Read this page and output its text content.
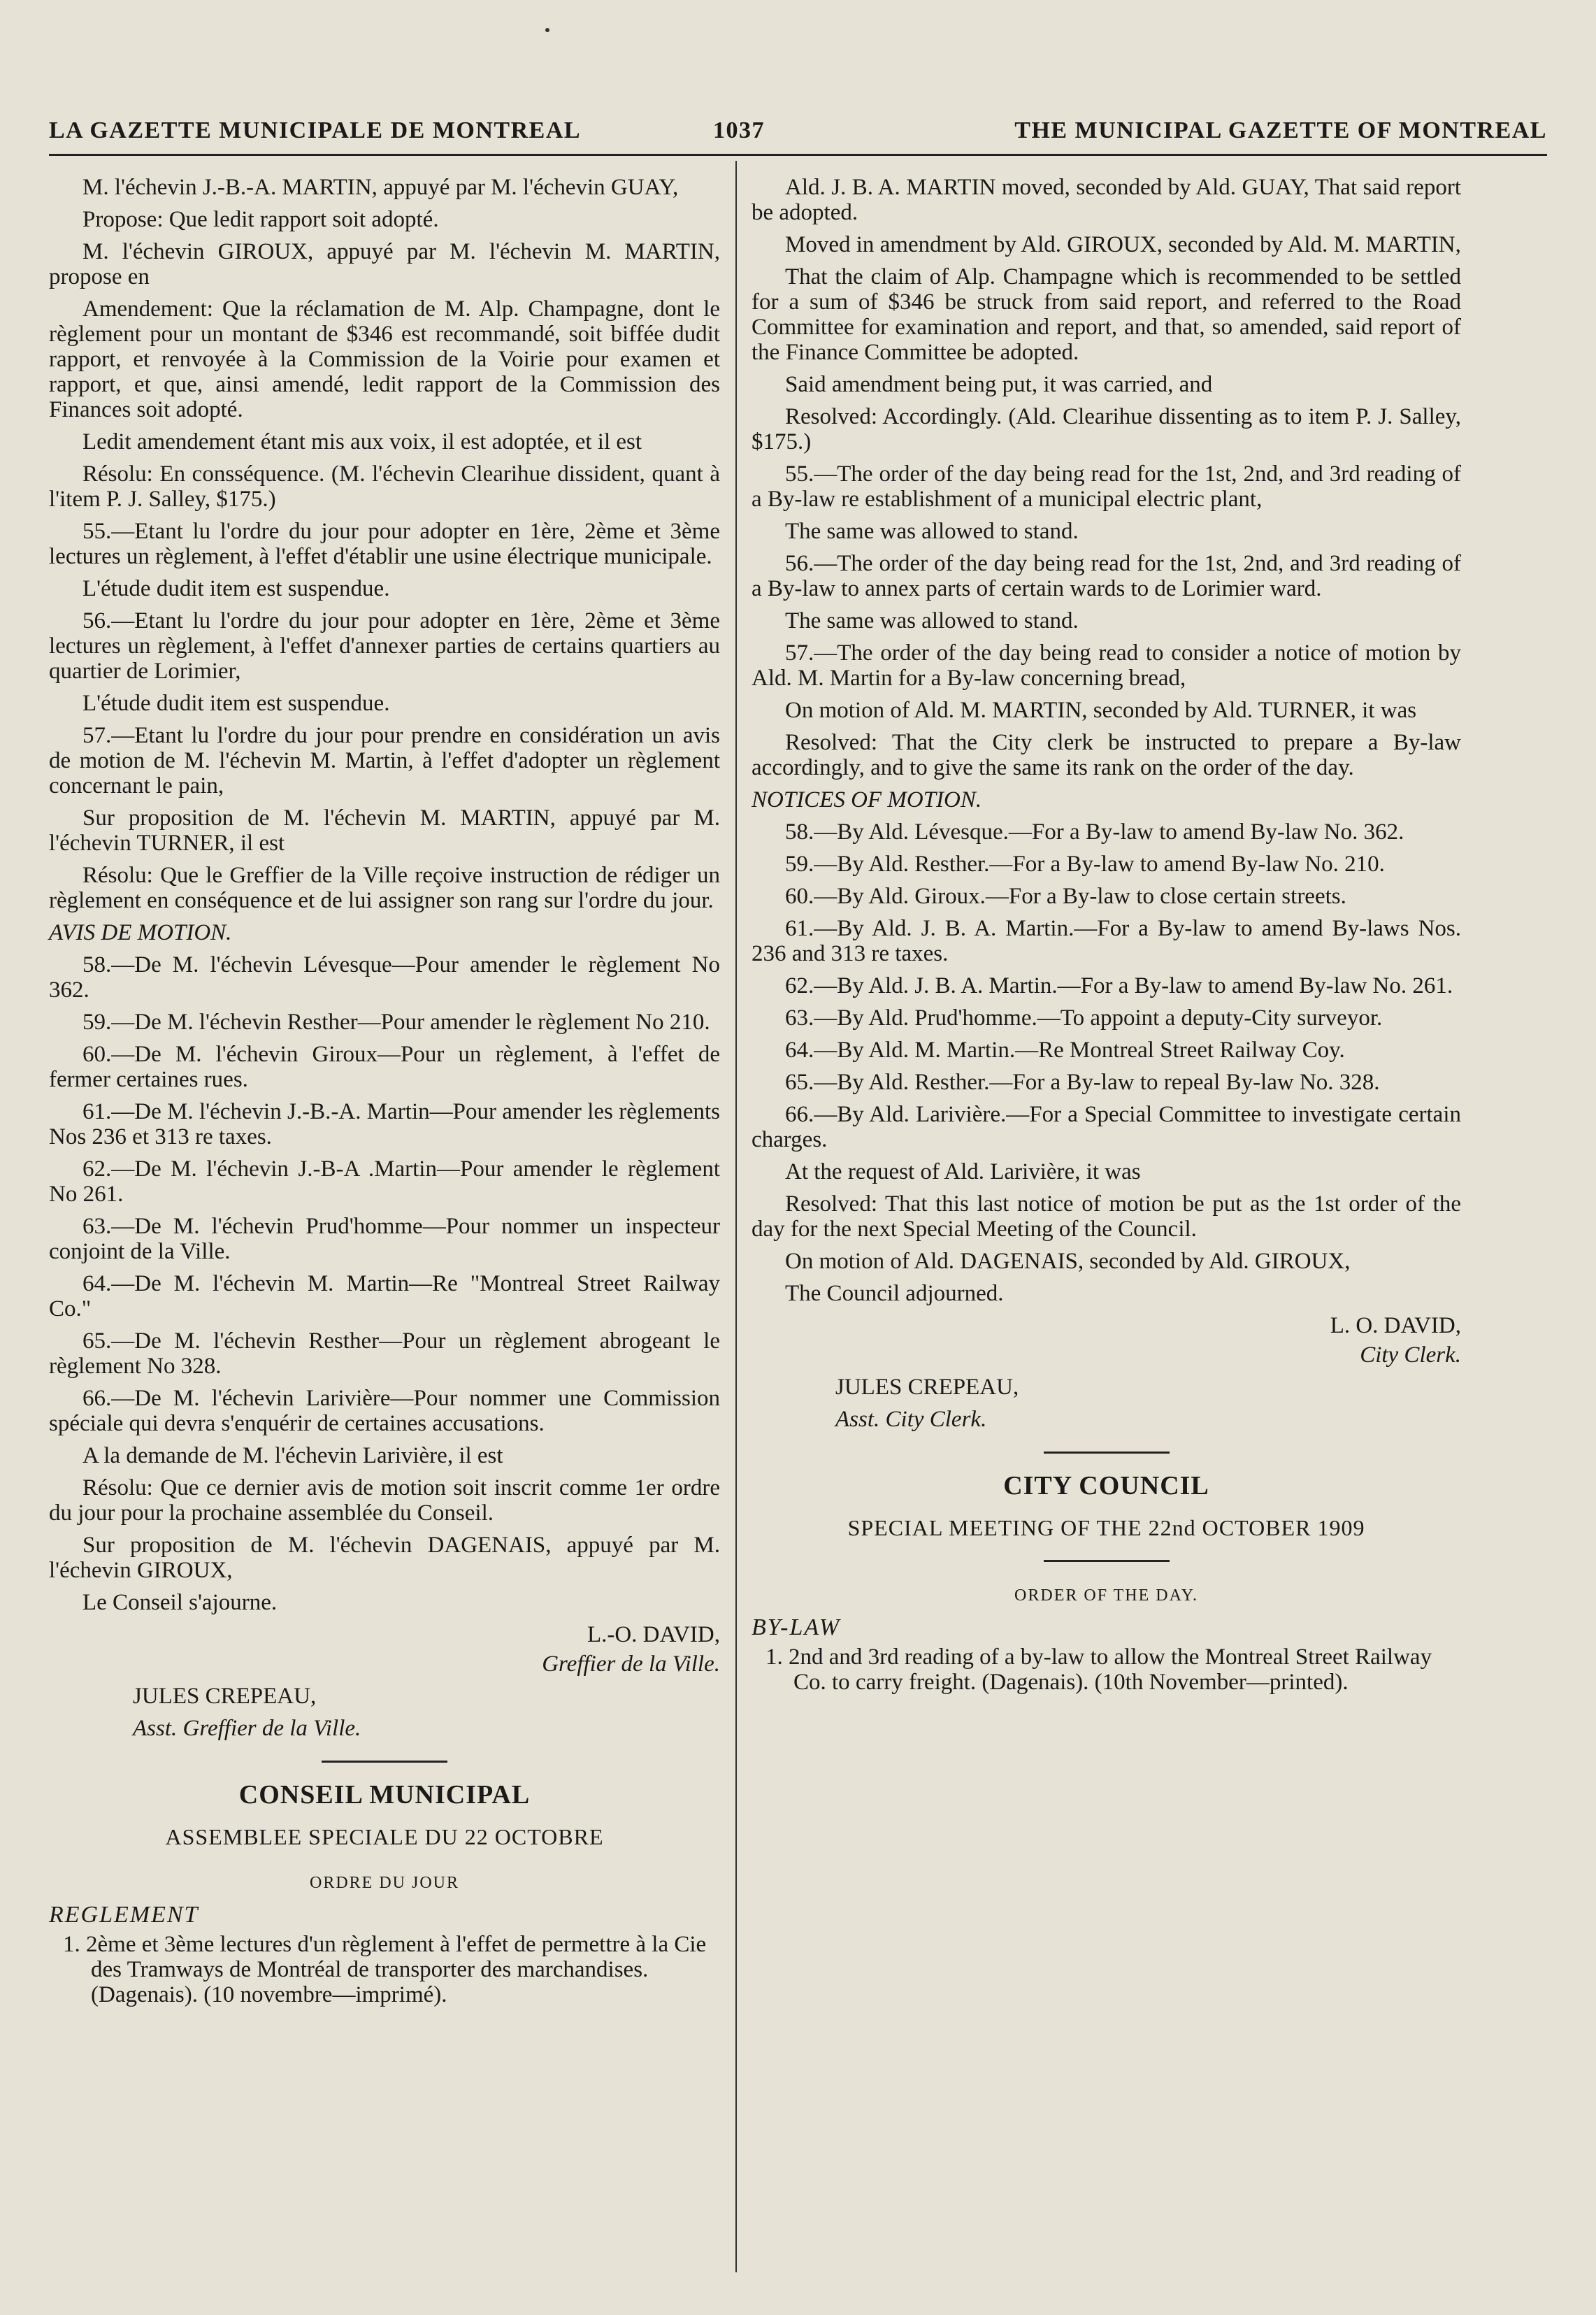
LA GAZETTE MUNICIPALE DE MONTREAL	1037	THE MUNICIPAL GAZETTE OF MONTREAL

M. l'échevin J.-B.-A. MARTIN, appuyé par M. l'échevin GUAY,

Propose: Que ledit rapport soit adopté.

M. l'échevin GIROUX, appuyé par M. l'échevin M. MARTIN, propose en

Amendement: Que la réclamation de M. Alp. Champagne, dont le règlement pour un montant de $346 est recommandé, soit biffée dudit rapport, et renvoyée à la Commission de la Voirie pour examen et rapport, et que, ainsi amendé, ledit rapport de la Commission des Finances soit adopté.

Ledit amendement étant mis aux voix, il est adoptée, et il est

Résolu: En consséquence. (M. l'échevin Clearihue dissident, quant à l'item P. J. Salley, $175.)

55.—Etant lu l'ordre du jour pour adopter en 1ère, 2ème et 3ème lectures un règlement, à l'effet d'établir une usine électrique municipale.

L'étude dudit item est suspendue.

56.—Etant lu l'ordre du jour pour adopter en 1ère, 2ème et 3ème lectures un règlement, à l'effet d'annexer parties de certains quartiers au quartier de Lorimier,

L'étude dudit item est suspendue.

57.—Etant lu l'ordre du jour pour prendre en considération un avis de motion de M. l'échevin M. Martin, à l'effet d'adopter un règlement concernant le pain,

Sur proposition de M. l'échevin M. MARTIN, appuyé par M. l'échevin TURNER, il est

Résolu: Que le Greffier de la Ville reçoive instruction de rédiger un règlement en conséquence et de lui assigner son rang sur l'ordre du jour.

AVIS DE MOTION.

58.—De M. l'échevin Lévesque—Pour amender le règlement No 362.

59.—De M. l'échevin Resther—Pour amender le règlement No 210.

60.—De M. l'échevin Giroux—Pour un règlement, à l'effet de fermer certaines rues.

61.—De M. l'échevin J.-B.-A. Martin—Pour amender les règlements Nos 236 et 313 re taxes.

62.—De M. l'échevin J.-B-A .Martin—Pour amender le règlement No 261.

63.—De M. l'échevin Prud'homme—Pour nommer un inspecteur conjoint de la Ville.

64.—De M. l'échevin M. Martin—Re "Montreal Street Railway Co."

65.—De M. l'échevin Resther—Pour un règlement abrogeant le règlement No 328.

66.—De M. l'échevin Larivière—Pour nommer une Commission spéciale qui devra s'enquérir de certaines accusations.

A la demande de M. l'échevin Larivière, il est

Résolu: Que ce dernier avis de motion soit inscrit comme 1er ordre du jour pour la prochaine assemblée du Conseil.

Sur proposition de M. l'échevin DAGENAIS, appuyé par M. l'échevin GIROUX,

Le Conseil s'ajourne.

L.-O. DAVID,

Greffier de la Ville.

JULES CREPEAU,

Asst. Greffier de la Ville.

CONSEIL MUNICIPAL
ASSEMBLEE SPECIALE DU 22 OCTOBRE
ORDRE DU JOUR
REGLEMENT

1. 2ème et 3ème lectures d'un règlement à l'effet de permettre à la Cie des Tramways de Montréal de transporter des marchandises. (Dagenais). (10 novembre—imprimé).

Ald. J. B. A. MARTIN moved, seconded by Ald. GUAY, That said report be adopted.

Moved in amendment by Ald. GIROUX, seconded by Ald. M. MARTIN,

That the claim of Alp. Champagne which is recommended to be settled for a sum of $346 be struck from said report, and referred to the Road Committee for examination and report, and that, so amended, said report of the Finance Committee be adopted.

Said amendment being put, it was carried, and

Resolved: Accordingly. (Ald. Clearihue dissenting as to item P. J. Salley, $175.)

55.—The order of the day being read for the 1st, 2nd, and 3rd reading of a By-law re establishment of a municipal electric plant,

The same was allowed to stand.

56.—The order of the day being read for the 1st, 2nd, and 3rd reading of a By-law to annex parts of certain wards to de Lorimier ward.

The same was allowed to stand.

57.—The order of the day being read to consider a notice of motion by Ald. M. Martin for a By-law concerning bread,

On motion of Ald. M. MARTIN, seconded by Ald. TURNER, it was

Resolved: That the City clerk be instructed to prepare a By-law accordingly, and to give the same its rank on the order of the day.

NOTICES OF MOTION.

58.—By Ald. Lévesque.—For a By-law to amend By-law No. 362.

59.—By Ald. Resther.—For a By-law to amend By-law No. 210.

60.—By Ald. Giroux.—For a By-law to close certain streets.

61.—By Ald. J. B. A. Martin.—For a By-law to amend By-laws Nos. 236 and 313 re taxes.

62.—By Ald. J. B. A. Martin.—For a By-law to amend By-law No. 261.

63.—By Ald. Prud'homme.—To appoint a deputy-City surveyor.

64.—By Ald. M. Martin.—Re Montreal Street Railway Coy.

65.—By Ald. Resther.—For a By-law to repeal By-law No. 328.

66.—By Ald. Larivière.—For a Special Committee to investigate certain charges.

At the request of Ald. Larivière, it was

Resolved: That this last notice of motion be put as the 1st order of the day for the next Special Meeting of the Council.

On motion of Ald. DAGENAIS, seconded by Ald. GIROUX,

The Council adjourned.

L. O. DAVID,

City Clerk.

JULES CREPEAU,

Asst. City Clerk.

CITY COUNCIL
SPECIAL MEETING OF THE 22nd OCTOBER 1909
ORDER OF THE DAY.
BY-LAW

1. 2nd and 3rd reading of a by-law to allow the Montreal Street Railway Co. to carry freight. (Dagenais). (10th November—printed).
